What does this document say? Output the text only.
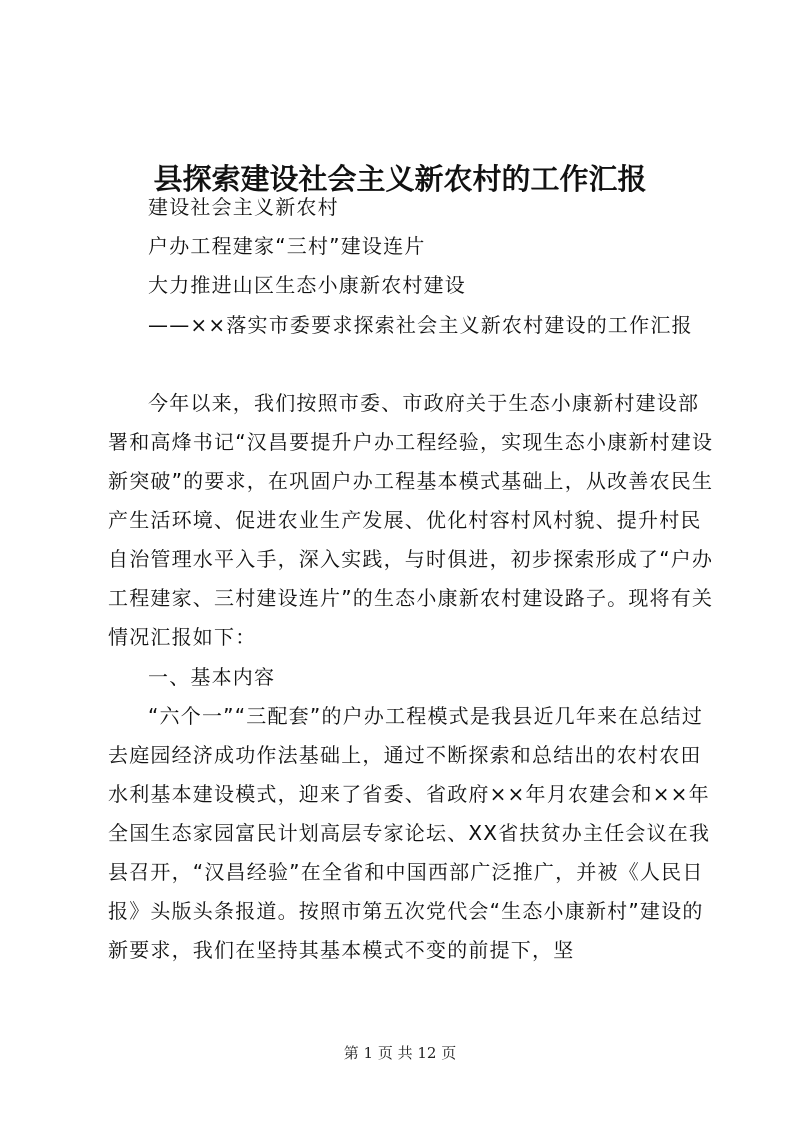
县探索建设社会主义新农村的工作汇报
建设社会主义新农村
户办工程建家“三村”建设连片
大力推进山区生态小康新农村建设
——××落实市委要求探索社会主义新农村建设的工作汇报
今年以来，我们按照市委、市政府关于生态小康新村建设部署和高烽书记“汉昌要提升户办工程经验，实现生态小康新村建设新突破”的要求，在巩固户办工程基本模式基础上，从改善农民生产生活环境、促进农业生产发展、优化村容村风村貌、提升村民自治管理水平入手，深入实践，与时俱进，初步探索形成了“户办工程建家、三村建设连片”的生态小康新农村建设路子。现将有关情况汇报如下：
一、基本内容
“六个一”“三配套”的户办工程模式是我县近几年来在总结过去庭园经济成功作法基础上，通过不断探索和总结出的农村农田水利基本建设模式，迎来了省委、省政府××年月农建会和××年全国生态家园富民计划高层专家论坛、XX省扶贫办主任会议在我县召开，“汉昌经验”在全省和中国西部广泛推广，并被《人民日报》头版头条报道。按照市第五次党代会“生态小康新村”建设的新要求，我们在坚持其基本模式不变的前提下，坚
第 1 页 共 12 页
